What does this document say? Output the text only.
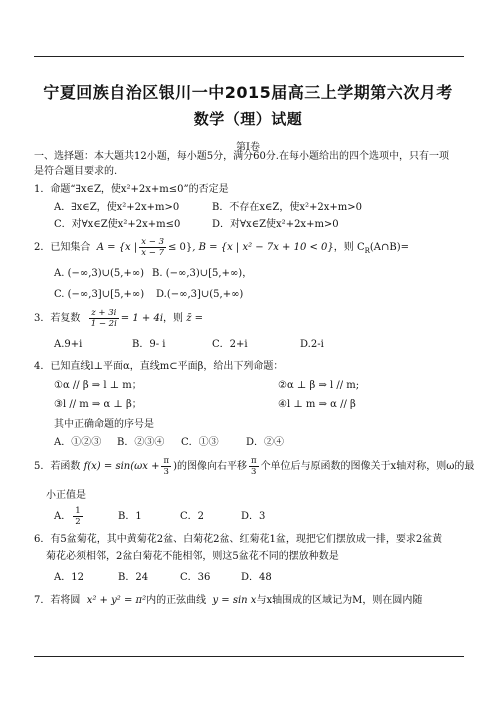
宁夏回族自治区银川一中2015届高三上学期第六次月考
数学（理）试题
第Ⅰ卷
一、选择题：本大题共12小题，每小题5分，满分60分.在每小题给出的四个选项中，只有一项
是符合题目要求的.
1．命题“∃x∈Z，使x²+2x+m≤0”的否定是
A．∃x∈Z，使x²+2x+m>0	B．不存在x∈Z，使x²+2x+m>0
C．对∀x∈Z使x²+2x+m≤0	D．对∀x∈Z使x²+2x+m>0
2．已知集合 A = {x | $\frac{x - 3}{x - 7} \le 0$}, B = {x | x² − 7x + 10 < 0}，则 $C_R(A\cap B)=$
A. (−∞,3)∪(5,+∞) B. (−∞,3)∪[5,+∞)，
C. (−∞,3]∪[5,+∞) D.(−∞,3]∪(5,+∞)
3．若复数 $\frac{z + 3i}{1 - 2i} = 1 + 4i$，则 z̄ =
A.9+i	B．9- i	C．2+i	D.2-i
4．已知直线l⊥平面α，直线m⊂平面β，给出下列命题：
①α // β ⇒ l ⊥ m；	②α ⊥ β ⇒ l // m;
③l // m ⇒ α ⊥ β；	④l ⊥ m ⇒ α // β
其中正确命题的序号是
A．①②③ B．②③④ C．①③	D．②④
5．若函数 $f(x) = \sin(\omega x + \frac{\pi}{3}$ )的图像向右平移 $\frac{\pi}{3}$ 个单位后与原函数的图像关于x轴对称，则ω的最
小正值是
A． $\frac{1}{2}$	B．1	C．2	D．3
6．有5盆菊花，其中黄菊花2盆、白菊花2盆、红菊花1盆，现把它们摆放成一排，要求2盆黄
菊花必须相邻，2盆白菊花不能相邻，则这5盆花不同的摆放种数是
A．12	B．24	C．36	D．48
7．若将圆 x² + y² = π²内的正弦曲线 y = sin x与x轴围成的区域记为M，则在圆内随
